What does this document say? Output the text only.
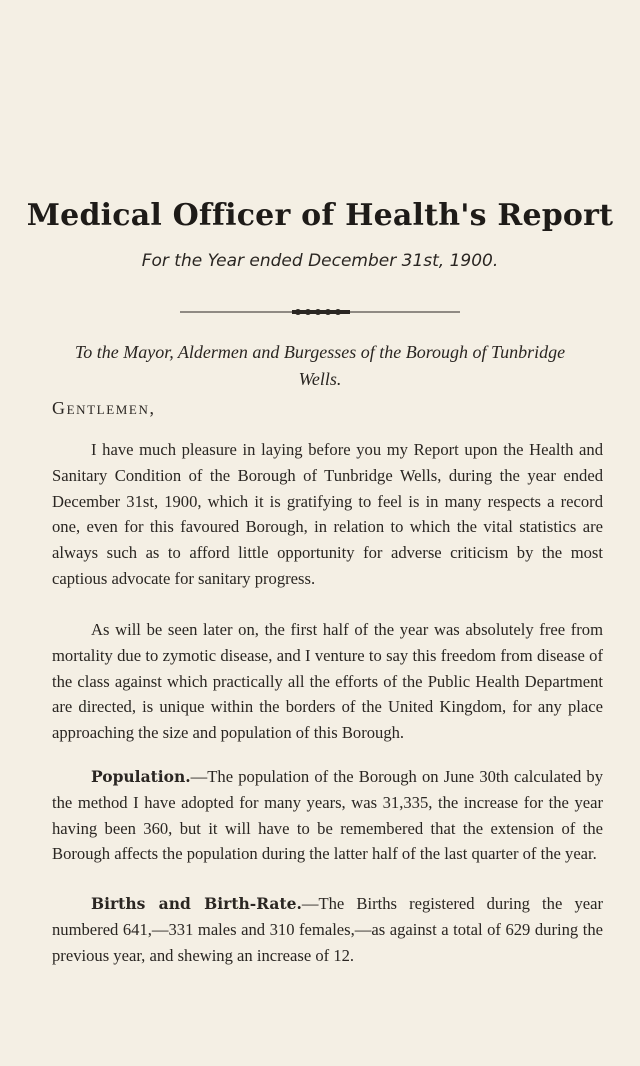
Medical Officer of Health's Report
For the Year ended December 31st, 1900.
To the Mayor, Aldermen and Burgesses of the Borough of Tunbridge Wells.
Gentlemen,

I have much pleasure in laying before you my Report upon the Health and Sanitary Condition of the Borough of Tunbridge Wells, during the year ended December 31st, 1900, which it is gratifying to feel is in many respects a record one, even for this favoured Borough, in relation to which the vital statistics are always such as to afford little opportunity for adverse criticism by the most captious advocate for sanitary progress.

As will be seen later on, the first half of the year was absolutely free from mortality due to zymotic disease, and I venture to say this freedom from disease of the class against which practically all the efforts of the Public Health Department are directed, is unique within the borders of the United Kingdom, for any place approaching the size and population of this Borough.

Population.—The population of the Borough on June 30th calculated by the method I have adopted for many years, was 31,335, the increase for the year having been 360, but it will have to be remembered that the extension of the Borough affects the population during the latter half of the last quarter of the year.

Births and Birth-Rate.—The Births registered during the year numbered 641,—331 males and 310 females,—as against a total of 629 during the previous year, and shewing an increase of 12.
